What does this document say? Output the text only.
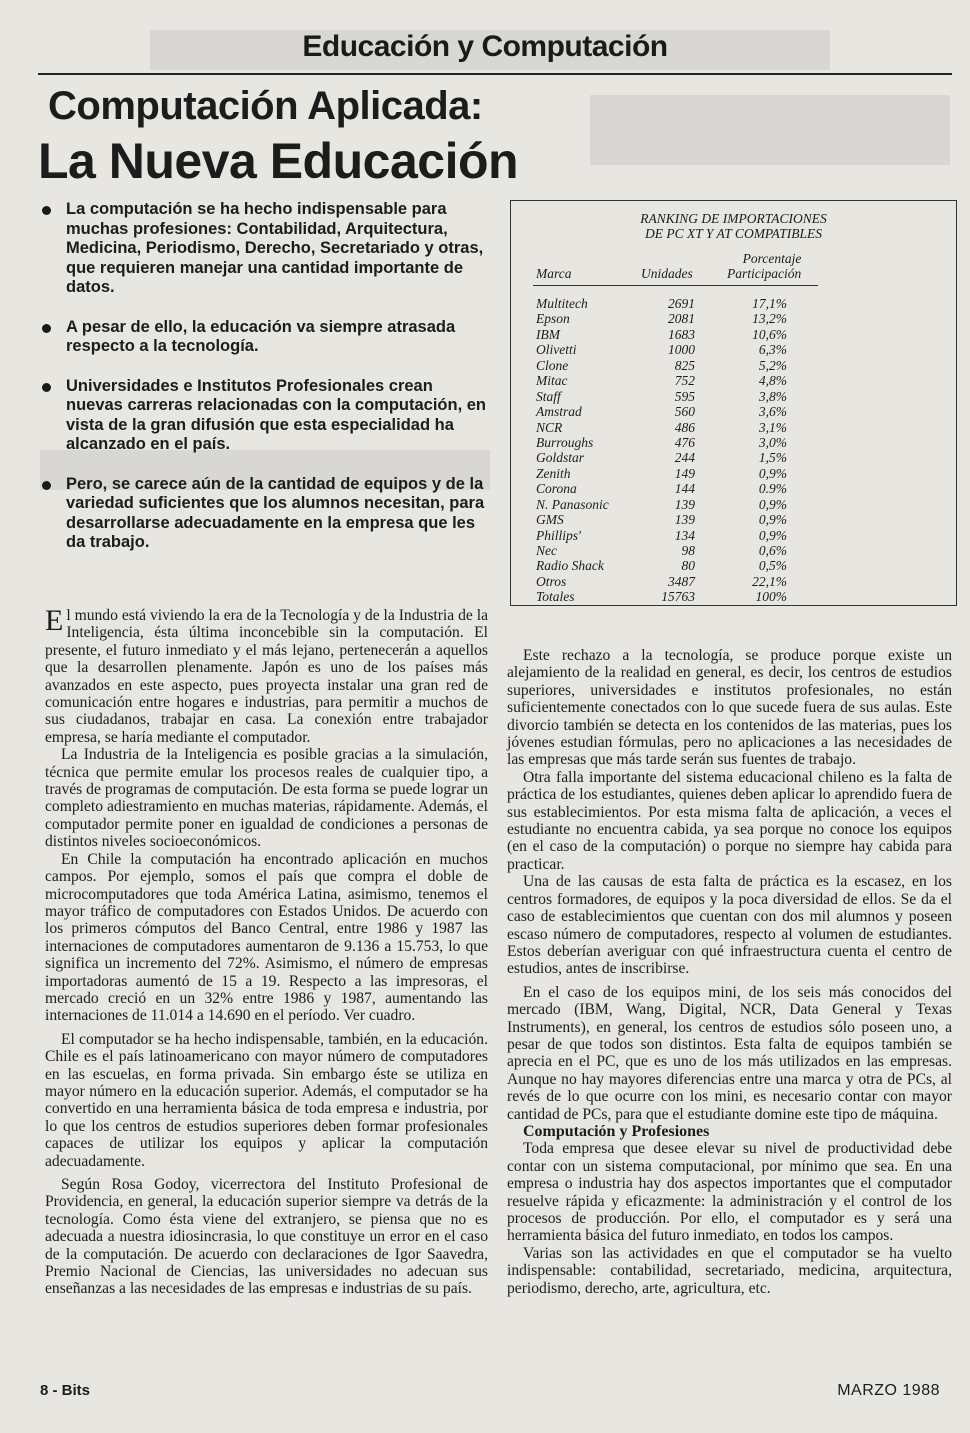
Educación y Computación
Computación Aplicada:
La Nueva Educación
La computación se ha hecho indispensable para muchas profesiones: Contabilidad, Arquitectura, Medicina, Periodismo, Derecho, Secretariado y otras, que requieren manejar una cantidad importante de datos.
A pesar de ello, la educación va siempre atrasada respecto a la tecnología.
Universidades e Institutos Profesionales crean nuevas carreras relacionadas con la computación, en vista de la gran difusión que esta especialidad ha alcanzado en el país.
Pero, se carece aún de la cantidad de equipos y de la variedad suficientes que los alumnos necesitan, para desarrollarse adecuadamente en la empresa que les da trabajo.

El mundo está viviendo la era de la Tecnología y de la Industria de la Inteligencia, ésta última inconcebible sin la computación. El presente, el futuro inmediato y el más lejano, pertenecerán a aquellos que la desarrollen plenamente. Japón es uno de los países más avanzados en este aspecto, pues proyecta instalar una gran red de comunicación entre hogares e industrias, para permitir a muchos de sus ciudadanos, trabajar en casa. La conexión entre trabajador empresa, se haría mediante el computador.

La Industria de la Inteligencia es posible gracias a la simulación, técnica que permite emular los procesos reales de cualquier tipo, a través de programas de computación. De esta forma se puede lograr un completo adiestramiento en muchas materias, rápidamente. Además, el computador permite poner en igualdad de condiciones a personas de distintos niveles socioeconómicos.

En Chile la computación ha encontrado aplicación en muchos campos. Por ejemplo, somos el país que compra el doble de microcomputadores que toda América Latina, asimismo, tenemos el mayor tráfico de computadores con Estados Unidos. De acuerdo con los primeros cómputos del Banco Central, entre 1986 y 1987 las internaciones de computadores aumentaron de 9.136 a 15.753, lo que significa un incremento del 72%. Asimismo, el número de empresas importadoras aumentó de 15 a 19. Respecto a las impresoras, el mercado creció en un 32% entre 1986 y 1987, aumentando las internaciones de 11.014 a 14.690 en el período. Ver cuadro.

El computador se ha hecho indispensable, también, en la educación. Chile es el país latinoamericano con mayor número de computadores en las escuelas, en forma privada. Sin embargo éste se utiliza en mayor número en la educación superior. Además, el computador se ha convertido en una herramienta básica de toda empresa e industria, por lo que los centros de estudios superiores deben formar profesionales capaces de utilizar los equipos y aplicar la computación adecuadamente.

Según Rosa Godoy, vicerrectora del Instituto Profesional de Providencia, en general, la educación superior siempre va detrás de la tecnología. Como ésta viene del extranjero, se piensa que no es adecuada a nuestra idiosincrasia, lo que constituye un error en el caso de la computación. De acuerdo con declaraciones de Igor Saavedra, Premio Nacional de Ciencias, las universidades no adecuan sus enseñanzas a las necesidades de las empresas e industrias de su país.

RANKING DE IMPORTACIONES
DE PC XT Y AT COMPATIBLES
Porcentaje
Marca	Unidades	Participación
Multitech	2691	17,1%
Epson	2081	13,2%
IBM	1683	10,6%
Olivetti	1000	6,3%
Clone	825	5,2%
Mitac	752	4,8%
Staff	595	3,8%
Amstrad	560	3,6%
NCR	486	3,1%
Burroughs	476	3,0%
Goldstar	244	1,5%
Zenith	149	0,9%
Corona	144	0.9%
N. Panasonic	139	0,9%
GMS	139	0,9%
Phillips'	134	0,9%
Nec	98	0,6%
Radio Shack	80	0,5%
Otros	3487	22,1%
Totales	15763	100%

Este rechazo a la tecnología, se produce porque existe un alejamiento de la realidad en general, es decir, los centros de estudios superiores, universidades e institutos profesionales, no están suficientemente conectados con lo que sucede fuera de sus aulas. Este divorcio también se detecta en los contenidos de las materias, pues los jóvenes estudian fórmulas, pero no aplicaciones a las necesidades de las empresas que más tarde serán sus fuentes de trabajo.

Otra falla importante del sistema educacional chileno es la falta de práctica de los estudiantes, quienes deben aplicar lo aprendido fuera de sus establecimientos. Por esta misma falta de aplicación, a veces el estudiante no encuentra cabida, ya sea porque no conoce los equipos (en el caso de la computación) o porque no siempre hay cabida para practicar.

Una de las causas de esta falta de práctica es la escasez, en los centros formadores, de equipos y la poca diversidad de ellos. Se da el caso de establecimientos que cuentan con dos mil alumnos y poseen escaso número de computadores, respecto al volumen de estudiantes. Estos deberían averiguar con qué infraestructura cuenta el centro de estudios, antes de inscribirse.

En el caso de los equipos mini, de los seis más conocidos del mercado (IBM, Wang, Digital, NCR, Data General y Texas Instruments), en general, los centros de estudios sólo poseen uno, a pesar de que todos son distintos. Esta falta de equipos también se aprecia en el PC, que es uno de los más utilizados en las empresas. Aunque no hay mayores diferencias entre una marca y otra de PCs, al revés de lo que ocurre con los mini, es necesario contar con mayor cantidad de PCs, para que el estudiante domine este tipo de máquina.

Computación y Profesiones

Toda empresa que desee elevar su nivel de productividad debe contar con un sistema computacional, por mínimo que sea. En una empresa o industria hay dos aspectos importantes que el computador resuelve rápida y eficazmente: la administración y el control de los procesos de producción. Por ello, el computador es y será una herramienta básica del futuro inmediato, en todos los campos.

Varias son las actividades en que el computador se ha vuelto indispensable: contabilidad, secretariado, medicina, arquitectura, periodismo, derecho, arte, agricultura, etc.

8 - Bits	MARZO 1988
